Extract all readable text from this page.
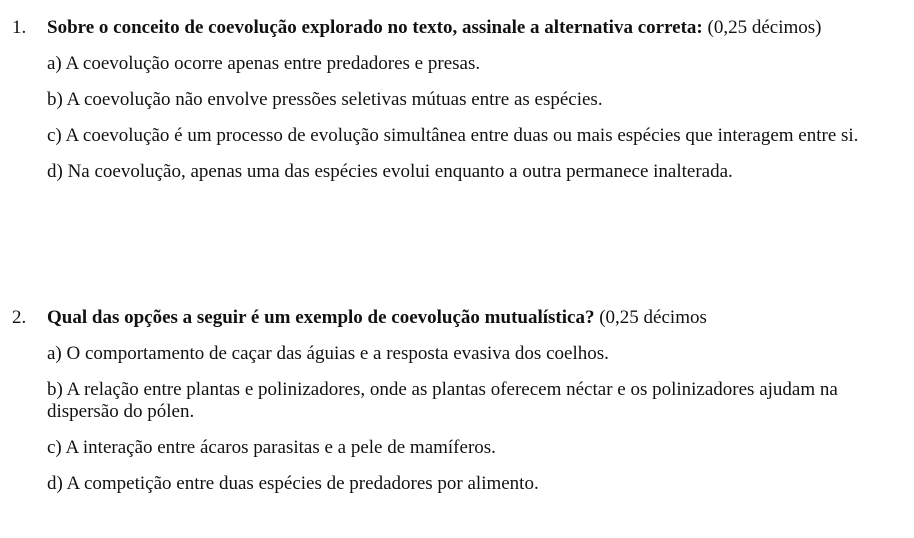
1.	Sobre o conceito de coevolução explorado no texto, assinale a alternativa correta: (0,25 décimos)
a) A coevolução ocorre apenas entre predadores e presas.
b) A coevolução não envolve pressões seletivas mútuas entre as espécies.
c) A coevolução é um processo de evolução simultânea entre duas ou mais espécies que interagem entre si.
d) Na coevolução, apenas uma das espécies evolui enquanto a outra permanece inalterada.
2.	Qual das opções a seguir é um exemplo de coevolução mutualística? (0,25 décimos
a) O comportamento de caçar das águias e a resposta evasiva dos coelhos.
b) A relação entre plantas e polinizadores, onde as plantas oferecem néctar e os polinizadores ajudam na dispersão do pólen.
c) A interação entre ácaros parasitas e a pele de mamíferos.
d) A competição entre duas espécies de predadores por alimento.
